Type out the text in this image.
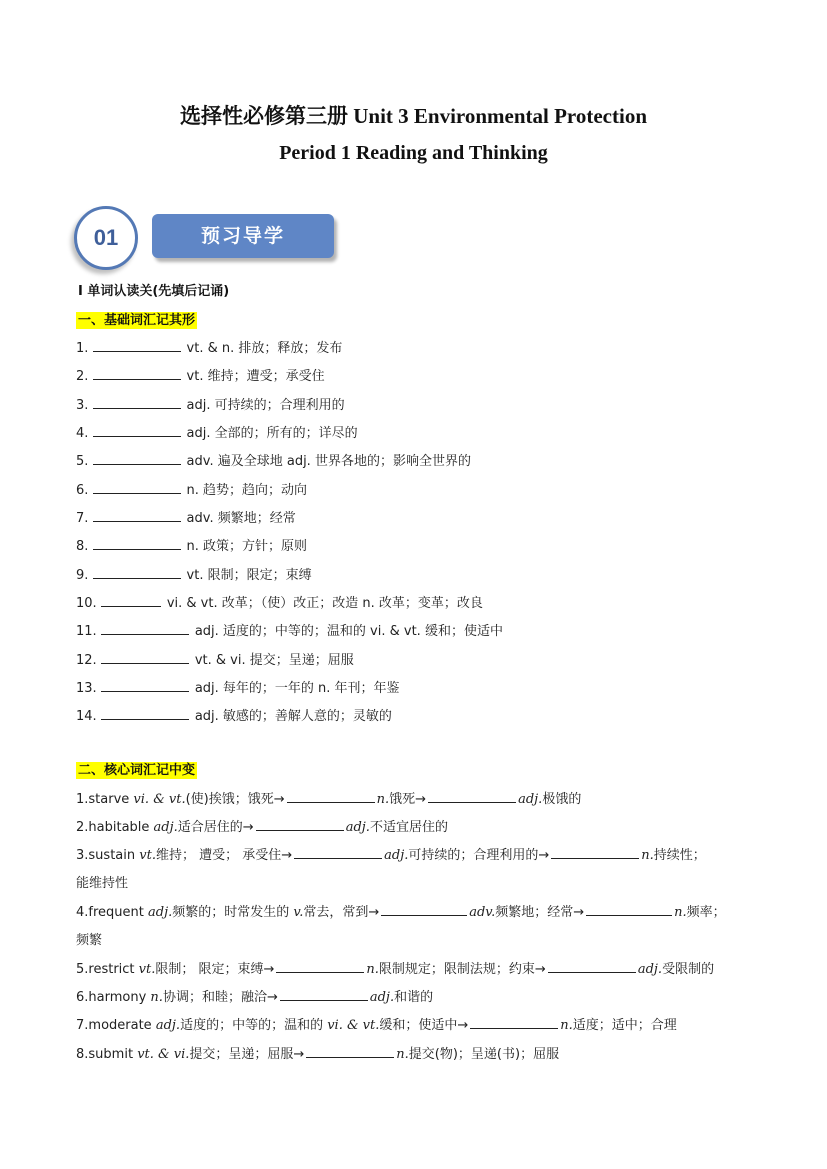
选择性必修第三册 Unit 3 Environmental Protection
Period 1 Reading and Thinking
01	预习导学
Ⅰ 单词认读关(先填后记诵)
一、基础词汇记其形
1.	vt. & n. 排放；释放；发布
2.	vt. 维持；遭受；承受住
3.	adj. 可持续的；合理利用的
4.	adj. 全部的；所有的；详尽的
5.	adv. 遍及全球地 adj. 世界各地的；影响全世界的
6.	n. 趋势；趋向；动向
7.	adv. 频繁地；经常
8.	n. 政策；方针；原则
9.	vt. 限制；限定；束缚
10.	vi. & vt. 改革；（使）改正；改造 n. 改革；变革；改良
11.	adj. 适度的；中等的；温和的 vi. & vt. 缓和；使适中
12.	vt. & vi. 提交；呈递；屈服
13.	adj. 每年的；一年的 n. 年刊；年鉴
14.	adj. 敏感的；善解人意的；灵敏的
二、核心词汇记中变
1.starve vi. & vt.(使)挨饿；饿死→	n.饿死→	adj.极饿的
2.habitable adj.适合居住的→	adj.不适宜居住的
3.sustain vt.维持； 遭受； 承受住→	adj.可持续的；合理利用的→	n.持续性；
能维持性
4.frequent adj.频繁的；时常发生的 v.常去，常到→	adv.频繁地；经常→	n.频率；
频繁
5.restrict vt.限制； 限定；束缚→	n.限制规定；限制法规；约束→	adj.受限制的
6.harmony n.协调；和睦；融洽→	adj.和谐的
7.moderate adj.适度的；中等的；温和的 vi. & vt.缓和；使适中→	n.适度；适中；合理
8.submit vt. & vi.提交；呈递；屈服→	n.提交(物)；呈递(书)；屈服
